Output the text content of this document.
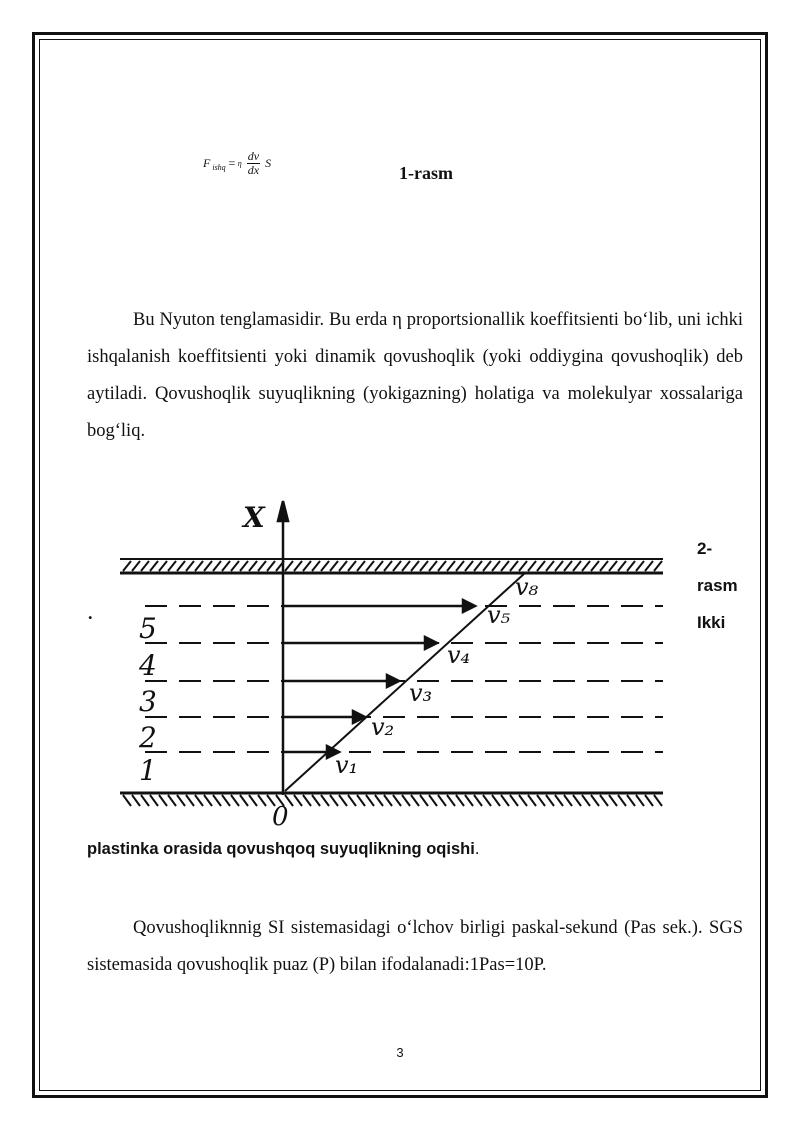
F ishq = η $\frac{dv}{dx}$ S	1-rasm

Bu Nyuton tenglamasidir. Bu erda η proportsionallik koeffitsienti bo‘lib, uni ichki ishqalanish koeffitsienti yoki dinamik qovushoqlik (yoki oddiygina qovushoqlik) deb aytiladi. Qovushoqlik suyuqlikning (yokigazning) holatiga va molekulyar xossalariga bog‘liq.

X
0
5
4
3
2
1
v₈
v₅
v₄
v₃
v₂
v₁
2-
rasm
Ikki
.
plastinka orasida qovushqoq suyuqlikning oqishi.

Qovushoqliknnig SI sistemasidagi o‘lchov birligi paskal-sekund (Pas sek.). SGS sistemasida qovushoqlik puaz (P) bilan ifodalanadi:1Pas=10P.

3
